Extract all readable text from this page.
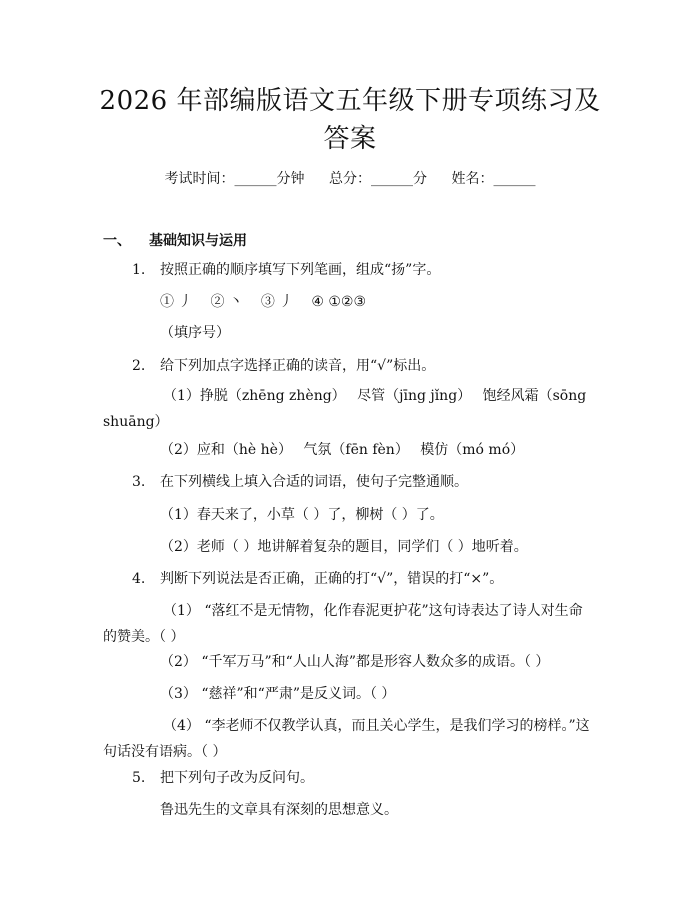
2026 年部编版语文五年级下册专项练习及答案
考试时间：______分钟 总分：______分 姓名：______
一、 基础知识与运用
1. 按照正确的顺序填写下列笔画，组成“扬”字。
① 丿 ② 丶 ③ 丿 ④ ①②③
（填序号）
2. 给下列加点字选择正确的读音，用“√”标出。
（1）挣脱（zhēng zhèng）　 尽管（jīng jǐng）　 饱经风霜（sōng shuāng）
（2）应和（hè hè）　 气氛（fēn fèn）　 模仿（mó mó）
3. 在下列横线上填入合适的词语，使句子完整通顺。
（1）春天来了，小草（ ）了，柳树（ ）了。
（2）老师（ ）地讲解着复杂的题目，同学们（ ）地听着。
4. 判断下列说法是否正确，正确的打“√”，错误的打“×”。
（1） “落红不是无情物，化作春泥更护花”这句诗表达了诗人对生命的赞美。（ ）
（2） “千军万马”和“人山人海”都是形容人数众多的成语。（ ）
（3） “慈祥”和“严肃”是反义词。（ ）
（4） “李老师不仅教学认真，而且关心学生，是我们学习的榜样。”这句话没有语病。（ ）
5. 把下列句子改为反问句。
鲁迅先生的文章具有深刻的思想意义。
